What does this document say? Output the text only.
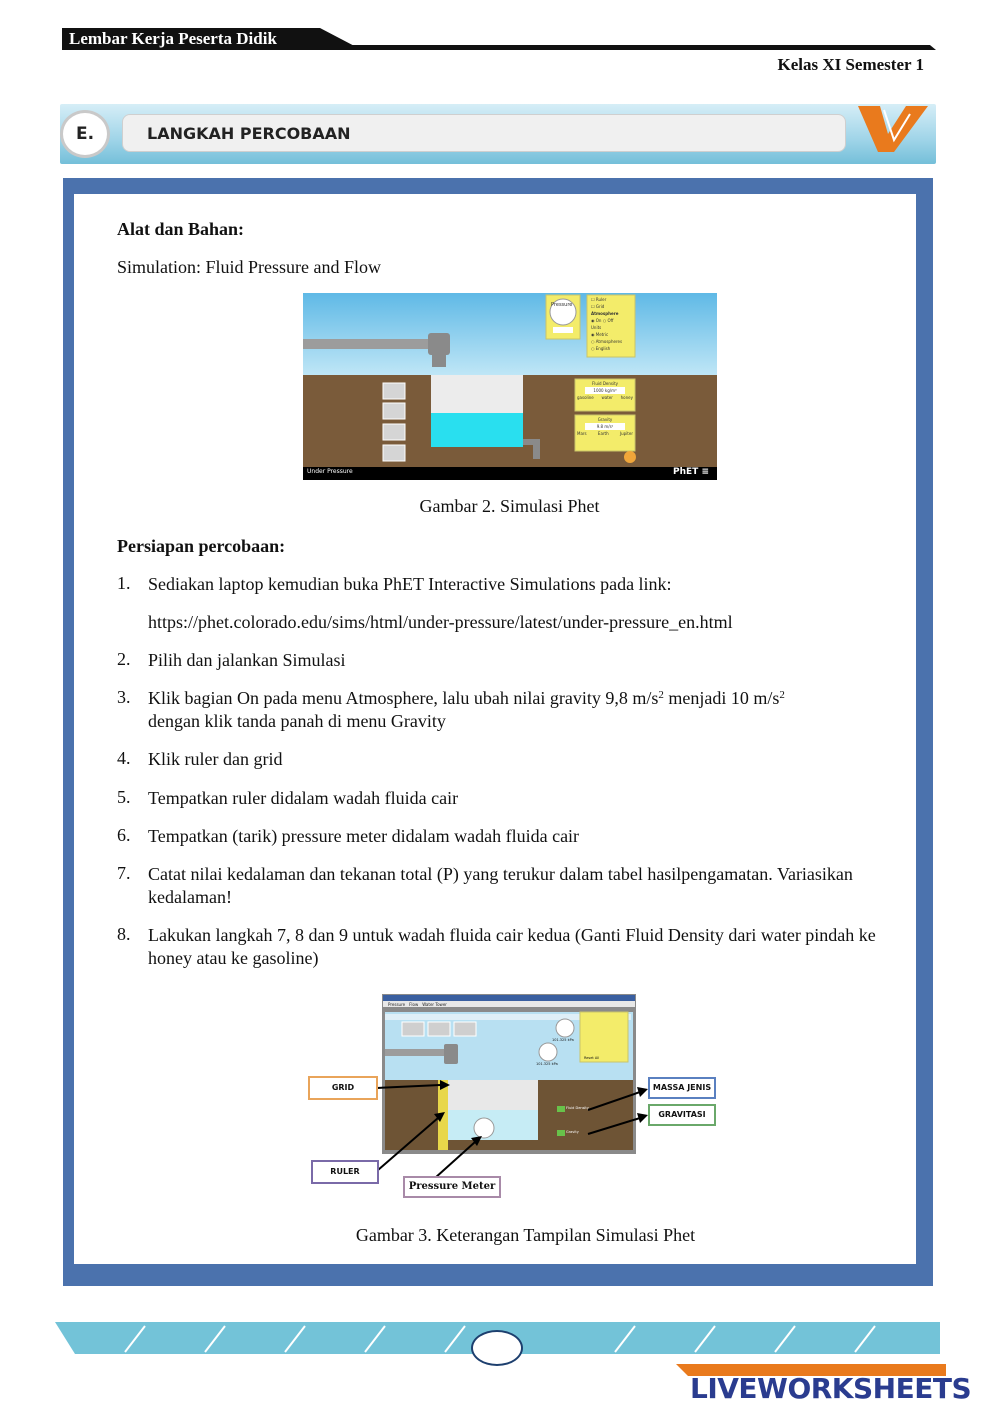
Lembar Kerja Peserta Didik
Kelas XI Semester 1
E.	LANGKAH PERCOBAAN
Alat dan Bahan:
Simulation: Fluid Pressure and Flow
Pressure
☐ Ruler
☐ Grid
Atmosphere
◉ On ○ Off
Units
◉ Metric
○ Atmospheres
○ English
Fluid Density
1000 kg/m³
gasoline water honey
Gravity
9.8 m/s²
Mars	Earth	Jupiter
Under Pressure	PhET ≡
Gambar 2. Simulasi Phet
Persiapan percobaan:
1. Sediakan laptop kemudian buka PhET Interactive Simulations pada link:
https://phet.colorado.edu/sims/html/under-pressure/latest/under-pressure_en.html
2. Pilih dan jalankan Simulasi
3. Klik bagian On pada menu Atmosphere, lalu ubah nilai gravity 9,8 $m/s^2$ menjadi 10 $m/s^2$
dengan klik tanda panah di menu Gravity
4. Klik ruler dan grid
5. Tempatkan ruler didalam wadah fluida cair
6. Tempatkan (tarik) pressure meter didalam wadah fluida cair
7. Catat nilai kedalaman dan tekanan total (P) yang terukur dalam tabel hasilpengamatan. Variasikan kedalaman!
8. Lakukan langkah 7, 8 dan 9 untuk wadah fluida cair kedua (Ganti Fluid Density dari water pindah ke honey atau ke gasoline)
Pressure Flow Water Tower
101.325 kPa
101.325 kPa
Fluid Density
Gravity
Reset All
GRID
RULER
Pressure Meter
MASSA JENIS
GRAVITASI
Gambar 3. Keterangan Tampilan Simulasi Phet
LIVEWORKSHEETS
